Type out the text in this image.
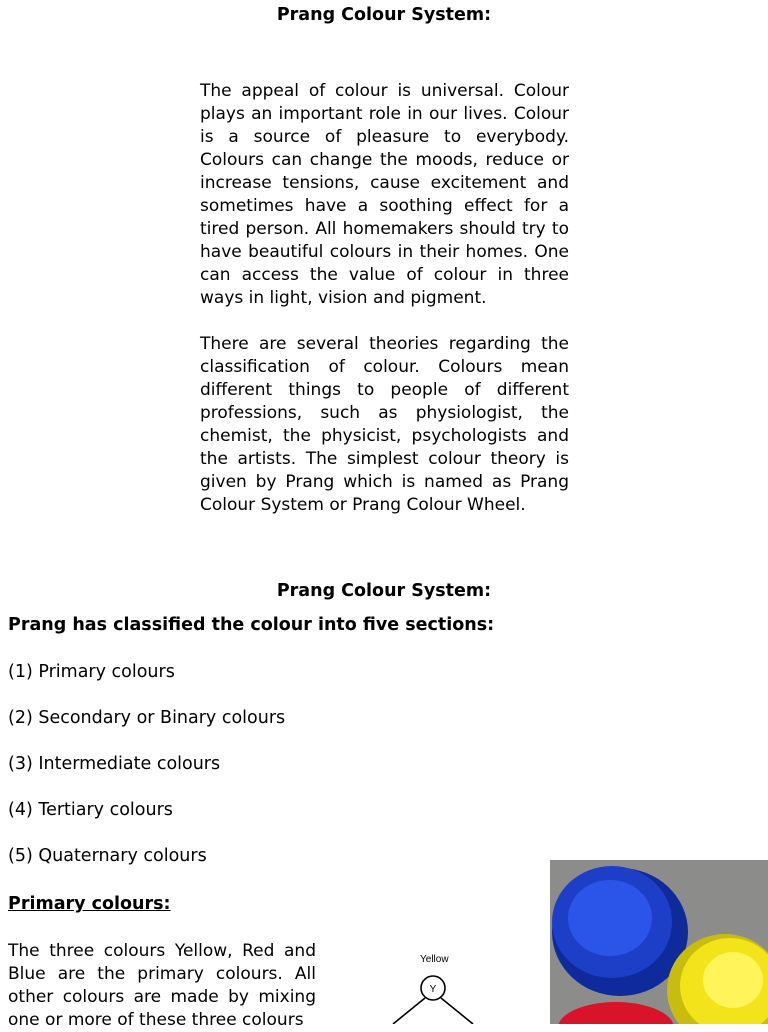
Prang Colour System:

The appeal of colour is universal. Colour plays an important role in our lives. Colour is a source of pleasure to everybody. Colours can change the moods, reduce or increase tensions, cause excitement and sometimes have a soothing effect for a tired person. All homemakers should try to have beautiful colours in their homes. One can access the value of colour in three ways in light, vision and pigment.

There are several theories regarding the classification of colour. Colours mean different things to people of different professions, such as physiologist, the chemist, the physicist, psychologists and the artists. The simplest colour theory is given by Prang which is named as Prang Colour System or Prang Colour Wheel.

Prang Colour System:

Prang has classified the colour into five sections:

(1) Primary colours
(2) Secondary or Binary colours
(3) Intermediate colours
(4) Tertiary colours
(5) Quaternary colours

Primary colours:

The three colours Yellow, Red and Blue are the primary colours. All other colours are made by mixing one or more of these three colours

Yellow

Y
